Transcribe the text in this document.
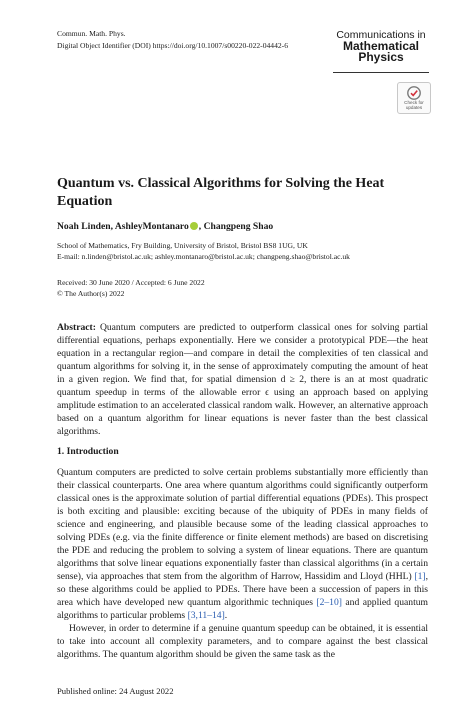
Commun. Math. Phys.
Digital Object Identifier (DOI) https://doi.org/10.1007/s00220-022-04442-6
Communications in
Mathematical
Physics
Check for
updates
Quantum vs. Classical Algorithms for Solving the Heat Equation
Noah Linden, AshleyMontanaro , Changpeng Shao
School of Mathematics, Fry Building, University of Bristol, Bristol BS8 1UG, UK
E-mail: n.linden@bristol.ac.uk; ashley.montanaro@bristol.ac.uk; changpeng.shao@bristol.ac.uk
Received: 30 June 2020 / Accepted: 6 June 2022
© The Author(s) 2022

Abstract: Quantum computers are predicted to outperform classical ones for solving partial differential equations, perhaps exponentially. Here we consider a prototypical PDE—the heat equation in a rectangular region—and compare in detail the complexities of ten classical and quantum algorithms for solving it, in the sense of approximately computing the amount of heat in a given region. We find that, for spatial dimension d ≥ 2, there is an at most quadratic quantum speedup in terms of the allowable error ϵ using an approach based on applying amplitude estimation to an accelerated classical random walk. However, an alternative approach based on a quantum algorithm for linear equations is never faster than the best classical algorithms.

1. Introduction

Quantum computers are predicted to solve certain problems substantially more efficiently than their classical counterparts. One area where quantum algorithms could significantly outperform classical ones is the approximate solution of partial differential equations (PDEs). This prospect is both exciting and plausible: exciting because of the ubiquity of PDEs in many fields of science and engineering, and plausible because some of the leading classical approaches to solving PDEs (e.g. via the finite difference or finite element methods) are based on discretising the PDE and reducing the problem to solving a system of linear equations. There are quantum algorithms that solve linear equations exponentially faster than classical algorithms (in a certain sense), via approaches that stem from the algorithm of Harrow, Hassidim and Lloyd (HHL) [1], so these algorithms could be applied to PDEs. There have been a succession of papers in this area which have developed new quantum algorithmic techniques [2–10] and applied quantum algorithms to particular problems [3,11–14].

However, in order to determine if a genuine quantum speedup can be obtained, it is essential to take into account all complexity parameters, and to compare against the best classical algorithms. The quantum algorithm should be given the same task as the

Published online: 24 August 2022
